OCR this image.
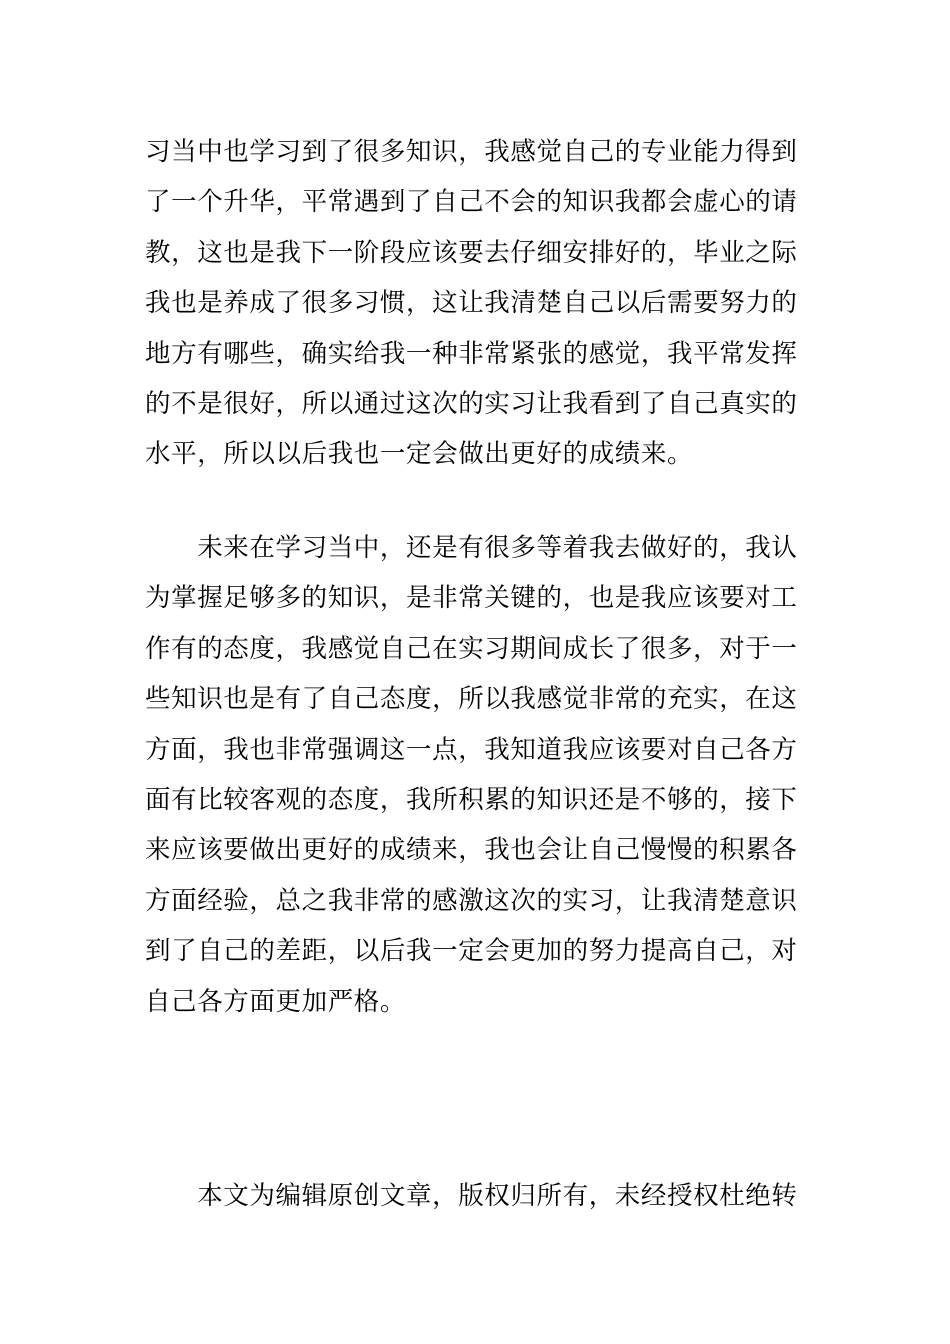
习当中也学习到了很多知识，我感觉自己的专业能力得到
了一个升华，平常遇到了自己不会的知识我都会虚心的请
教，这也是我下一阶段应该要去仔细安排好的，毕业之际
我也是养成了很多习惯，这让我清楚自己以后需要努力的
地方有哪些，确实给我一种非常紧张的感觉，我平常发挥
的不是很好，所以通过这次的实习让我看到了自己真实的
水平，所以以后我也一定会做出更好的成绩来。

　　未来在学习当中，还是有很多等着我去做好的，我认
为掌握足够多的知识，是非常关键的，也是我应该要对工
作有的态度，我感觉自己在实习期间成长了很多，对于一
些知识也是有了自己态度，所以我感觉非常的充实，在这
方面，我也非常强调这一点，我知道我应该要对自己各方
面有比较客观的态度，我所积累的知识还是不够的，接下
来应该要做出更好的成绩来，我也会让自己慢慢的积累各
方面经验，总之我非常的感激这次的实习，让我清楚意识
到了自己的差距，以后我一定会更加的努力提高自己，对
自己各方面更加严格。

　　本文为编辑原创文章，版权归所有，未经授权杜绝转
